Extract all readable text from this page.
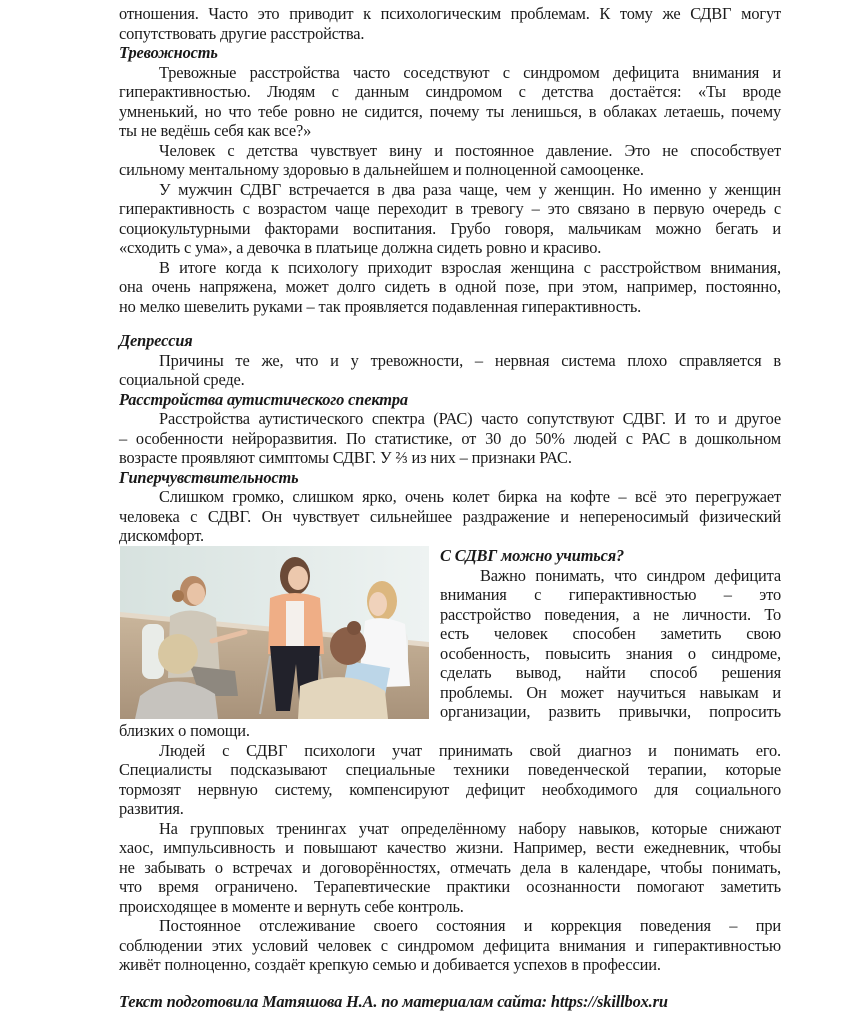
отношения. Часто это приводит к психологическим проблемам. К тому же СДВГ могут
сопутствовать другие расстройства.
Тревожность
Тревожные расстройства часто соседствуют с синдромом дефицита внимания и
гиперактивностью. Людям с данным синдромом с детства достаётся: «Ты вроде
умненький, но что тебе ровно не сидится, почему ты ленишься, в облаках летаешь, почему
ты не ведёшь себя как все?»
Человек с детства чувствует вину и постоянное давление. Это не способствует
сильному ментальному здоровью в дальнейшем и полноценной самооценке.
У мужчин СДВГ встречается в два раза чаще, чем у женщин. Но именно у женщин
гиперактивность с возрастом чаще переходит в тревогу – это связано в первую очередь с
социокультурными факторами воспитания. Грубо говоря, мальчикам можно бегать и
«сходить с ума», а девочка в платьице должна сидеть ровно и красиво.
В итоге когда к психологу приходит взрослая женщина с расстройством внимания,
она очень напряжена, может долго сидеть в одной позе, при этом, например, постоянно,
но мелко шевелить руками – так проявляется подавленная гиперактивность.
Депрессия
Причины те же, что и у тревожности, – нервная система плохо справляется в
социальной среде.
Расстройства аутистического спектра
Расстройства аутистического спектра (РАС) часто сопутствуют СДВГ. И то и другое
– особенности нейроразвития. По статистике, от 30 до 50% людей с РАС в дошкольном
возрасте проявляют симптомы СДВГ. У ⅔ из них – признаки РАС.
Гиперчувствительность
Слишком громко, слишком ярко, очень колет бирка на кофте – всё это перегружает
человека с СДВГ. Он чувствует сильнейшее раздражение и непереносимый физический
дискомфорт.
С СДВГ можно учиться?
Важно понимать, что синдром дефицита
внимания с гиперактивностью – это
расстройство поведения, а не личности. То
есть человек способен заметить свою
особенность, повысить знания о синдроме,
сделать вывод, найти способ решения
проблемы. Он может научиться навыкам и
организации, развить привычки, попросить
близких о помощи.
Людей с СДВГ психологи учат принимать свой диагноз и понимать его.
Специалисты подсказывают специальные техники поведенческой терапии, которые
тормозят нервную систему, компенсируют дефицит необходимого для социального
развития.
На групповых тренингах учат определённому набору навыков, которые снижают
хаос, импульсивность и повышают качество жизни. Например, вести ежедневник, чтобы
не забывать о встречах и договорённостях, отмечать дела в календаре, чтобы понимать,
что время ограничено. Терапевтические практики осознанности помогают заметить
происходящее в моменте и вернуть себе контроль.
Постоянное отслеживание своего состояния и коррекция поведения – при
соблюдении этих условий человек с синдромом дефицита внимания и гиперактивностью
живёт полноценно, создаёт крепкую семью и добивается успехов в профессии.
Текст подготовила Матяшова Н.А. по материалам сайта: https://skillbox.ru
